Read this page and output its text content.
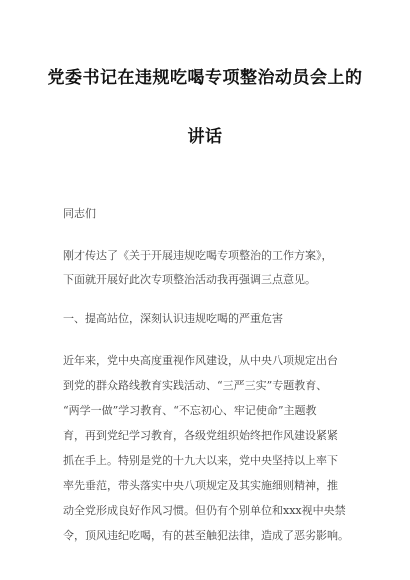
党委书记在违规吃喝专项整治动员会上的
讲话
同志们
刚才传达了《关于开展违规吃喝专项整治的工作方案》，
下面就开展好此次专项整治活动我再强调三点意见。
一、提高站位，深刻认识违规吃喝的严重危害
近年来，党中央高度重视作风建设，从中央八项规定出台
到党的群众路线教育实践活动、“三严三实”专题教育、
“两学一做”学习教育、“不忘初心、牢记使命”主题教
育，再到党纪学习教育，各级党组织始终把作风建设紧紧
抓在手上。特别是党的十九大以来，党中央坚持以上率下
率先垂范，带头落实中央八项规定及其实施细则精神，推
动全党形成良好作风习惯。但仍有个别单位和xxx视中央禁
令，顶风违纪吃喝，有的甚至触犯法律，造成了恶劣影响。
